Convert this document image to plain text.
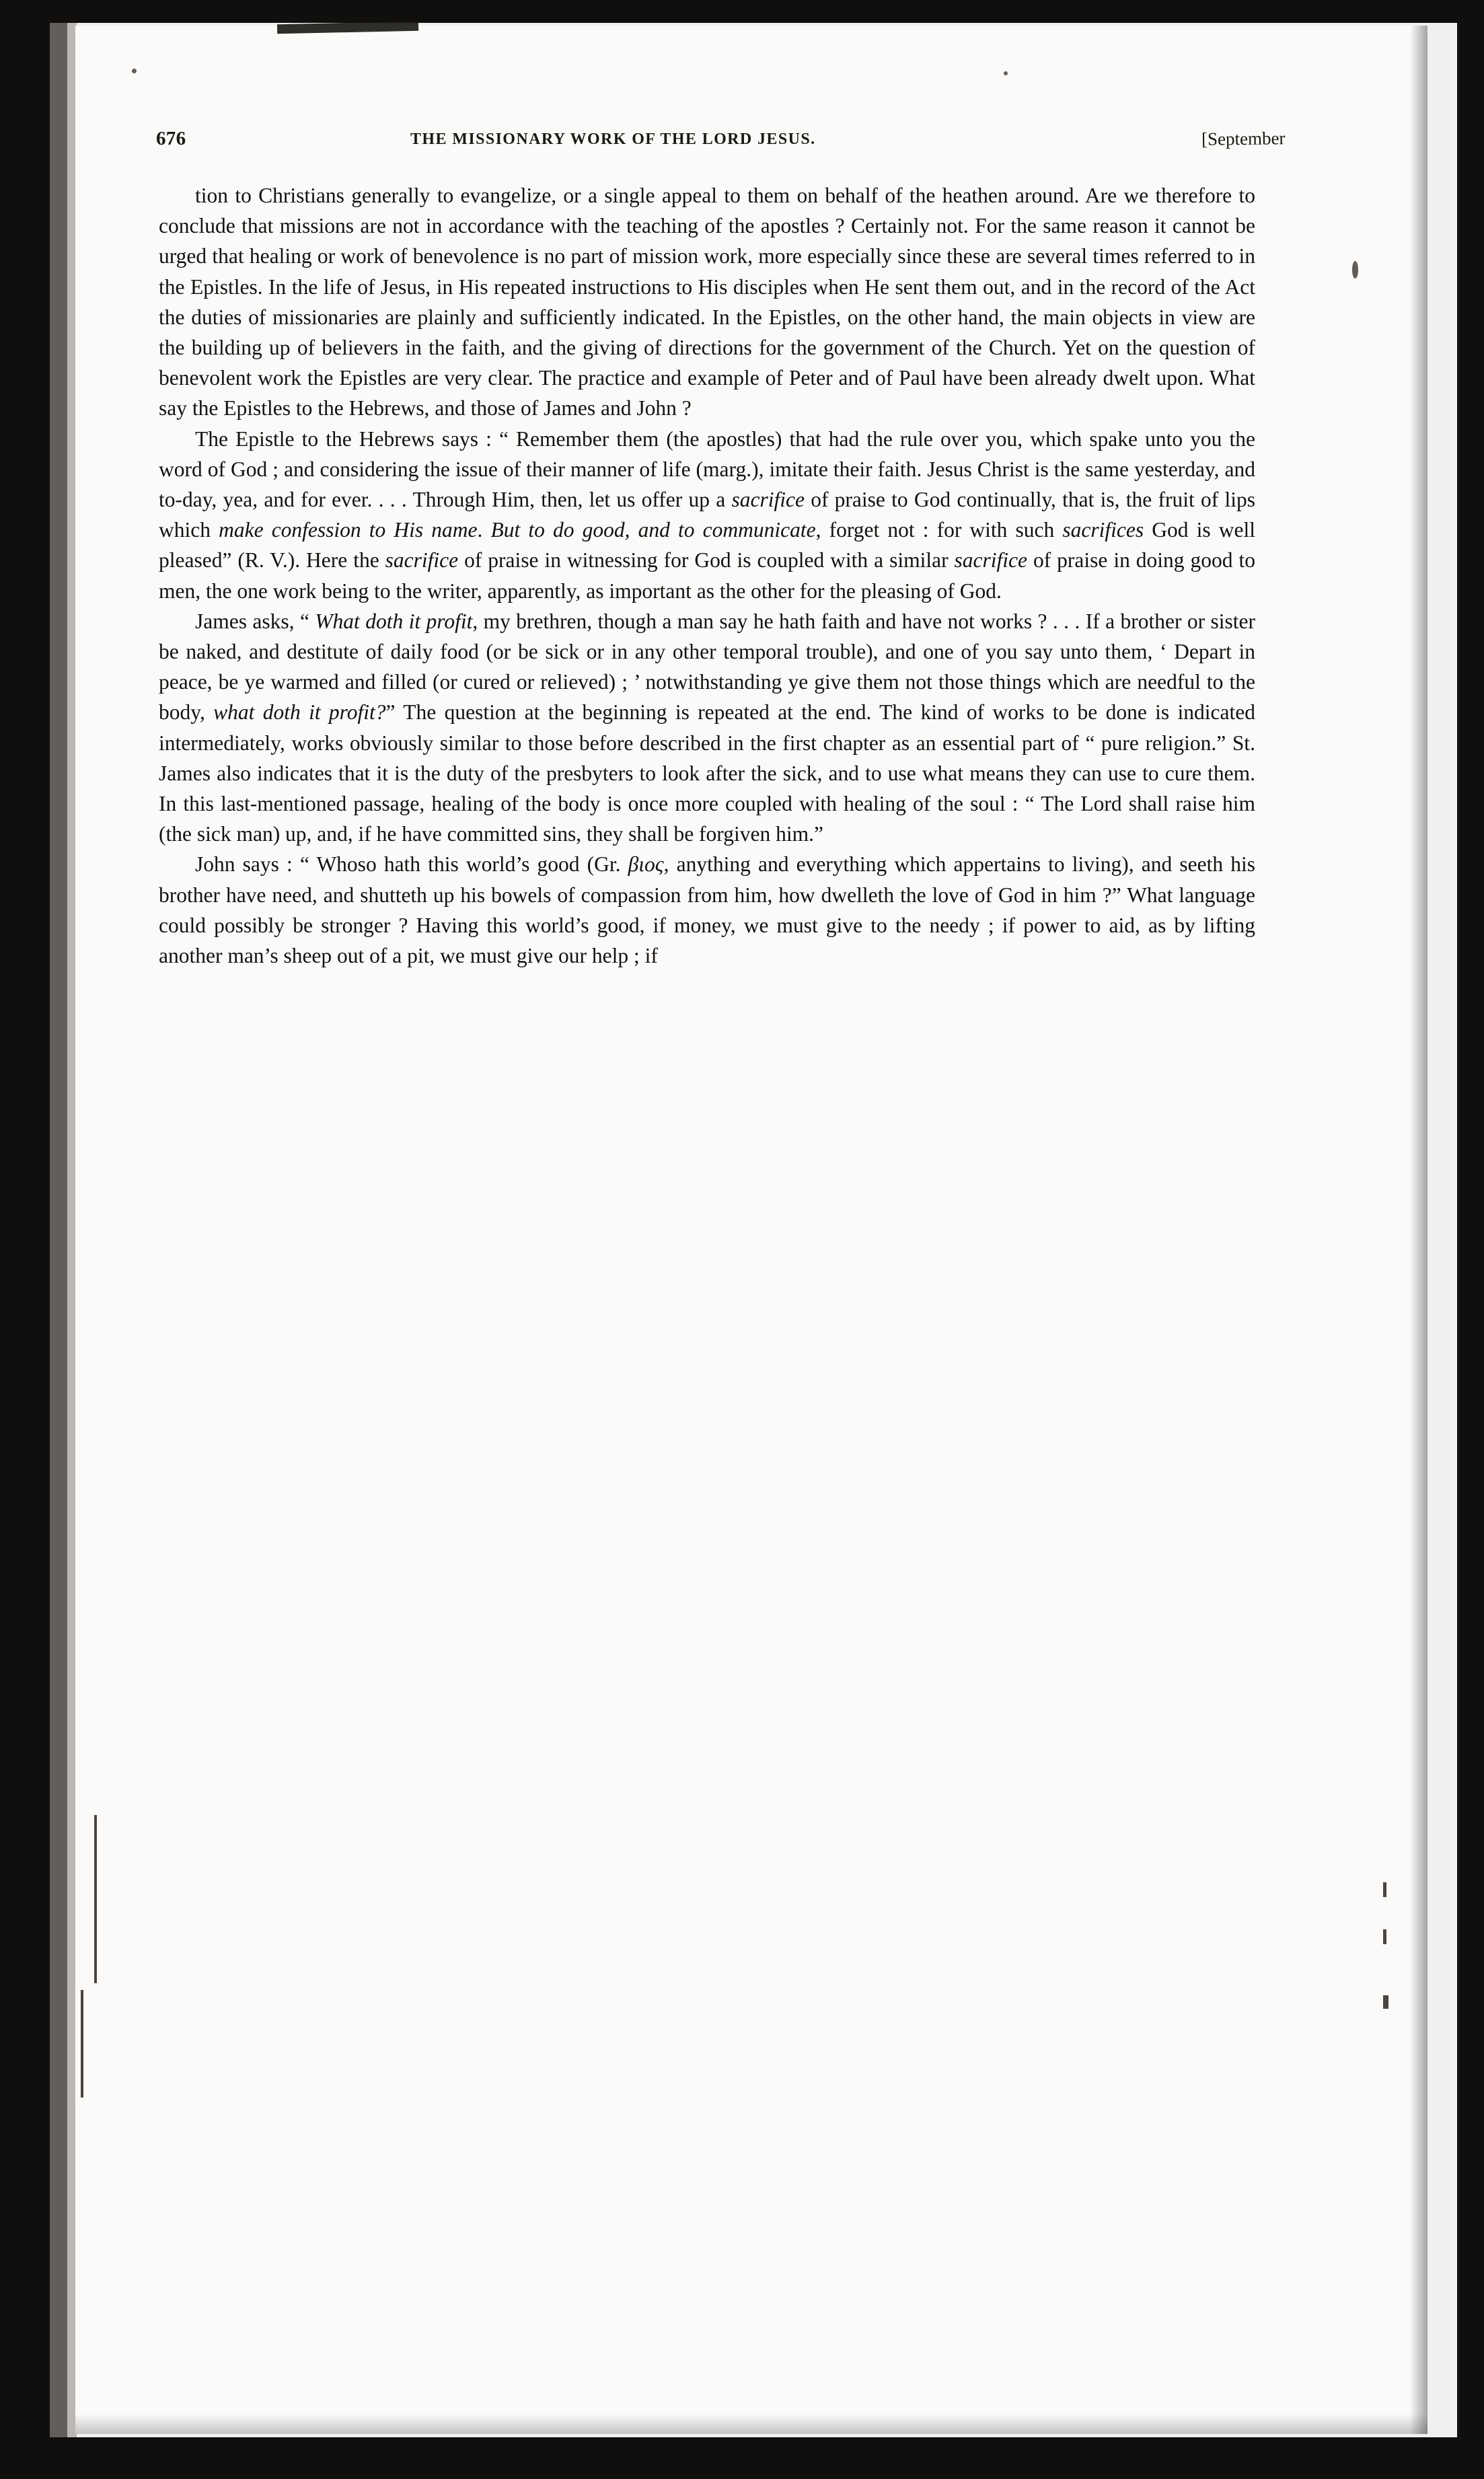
676	THE MISSIONARY WORK OF THE LORD JESUS.	[September

tion to Christians generally to evangelize, or a single appeal to them on behalf of the heathen around. Are we therefore to conclude that missions are not in accordance with the teaching of the apostles ? Certainly not. For the same reason it cannot be urged that healing or work of benevolence is no part of mission work, more especially since these are several times referred to in the Epistles. In the life of Jesus, in His repeated instructions to His disciples when He sent them out, and in the record of the Act the duties of missionaries are plainly and sufficiently indicated. In the Epistles, on the other hand, the main objects in view are the building up of believers in the faith, and the giving of directions for the government of the Church. Yet on the question of benevolent work the Epistles are very clear. The practice and example of Peter and of Paul have been already dwelt upon. What say the Epistles to the Hebrews, and those of James and John ?

The Epistle to the Hebrews says : “ Remember them (the apostles) that had the rule over you, which spake unto you the word of God ; and considering the issue of their manner of life (marg.), imitate their faith. Jesus Christ is the same yesterday, and to-day, yea, and for ever. . . . Through Him, then, let us offer up a sacrifice of praise to God continually, that is, the fruit of lips which make confession to His name. But to do good, and to communicate, forget not : for with such sacrifices God is well pleased” (R. V.). Here the sacrifice of praise in witnessing for God is coupled with a similar sacrifice of praise in doing good to men, the one work being to the writer, apparently, as important as the other for the pleasing of God.

James asks, “ What doth it profit, my brethren, though a man say he hath faith and have not works ? . . . If a brother or sister be naked, and destitute of daily food (or be sick or in any other temporal trouble), and one of you say unto them, ‘ Depart in peace, be ye warmed and filled (or cured or relieved) ; ’ notwithstanding ye give them not those things which are needful to the body, what doth it profit?” The question at the beginning is repeated at the end. The kind of works to be done is indicated intermediately, works obviously similar to those before described in the first chapter as an essential part of “ pure religion.” St. James also indicates that it is the duty of the presbyters to look after the sick, and to use what means they can use to cure them. In this last-mentioned passage, healing of the body is once more coupled with healing of the soul : “ The Lord shall raise him (the sick man) up, and, if he have committed sins, they shall be forgiven him.”

John says : “ Whoso hath this world’s good (Gr. βιος, anything and everything which appertains to living), and seeth his brother have need, and shutteth up his bowels of compassion from him, how dwelleth the love of God in him ?” What language could possibly be stronger ? Having this world’s good, if money, we must give to the needy ; if power to aid, as by lifting another man’s sheep out of a pit, we must give our help ; if
